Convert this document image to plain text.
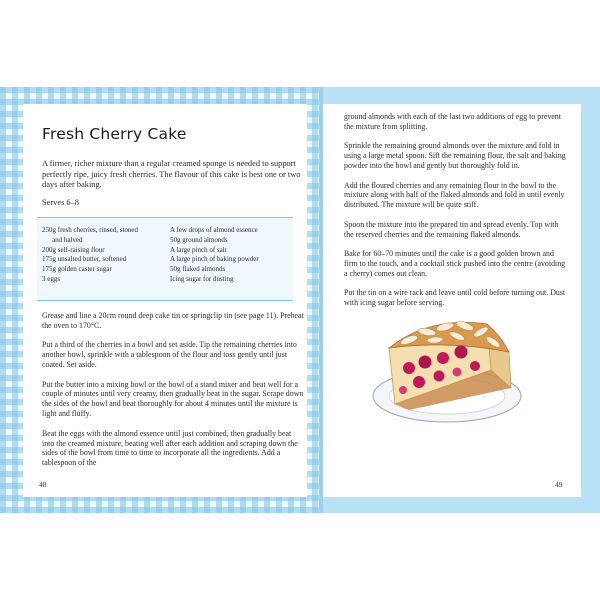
Fresh Cherry Cake

A firmer, richer mixture than a regular creamed sponge is needed to support perfectly ripe, juicy fresh cherries. The flavour of this cake is best one or two days after baking.

Serves 6–8

250g fresh cherries, rinsed, stoned
and halved
200g self-raising flour
175g unsalted butter, softened
175g golden caster sugar
3 eggs
A few drops of almond essence
50g ground almonds
A large pinch of salt
A large pinch of baking powder
50g flaked almonds
Icing sugar for dusting

Grease and line a 20cm round deep cake tin or springclip tin (see page 11). Preheat the oven to 170°C.

Put a third of the cherries in a bowl and set aside. Tip the remaining cherries into another bowl, sprinkle with a tablespoon of the flour and toss gently until just coated. Set aside.

Put the butter into a mixing bowl or the bowl of a stand mixer and beat well for a couple of minutes until very creamy, then gradually beat in the sugar. Scrape down the sides of the bowl and beat thoroughly for about 4 minutes until the mixture is light and fluffy.

Beat the eggs with the almond essence until just combined, then gradually beat into the creamed mixture, beating well after each addition and scraping down the sides of the bowl from time to time to incorporate all the ingredients. Add a tablespoon of the

48

ground almonds with each of the last two additions of egg to prevent the mixture from splitting.

Sprinkle the remaining ground almonds over the mixture and fold in using a large metal spoon. Sift the remaining flour, the salt and baking powder into the bowl and gently but thoroughly fold in.

Add the floured cherries and any remaining flour in the bowl to the mixture along with half of the flaked almonds and fold in until evenly distributed. The mixture will be quite stiff.

Spoon the mixture into the prepared tin and spread evenly. Top with the reserved cherries and the remaining flaked almonds.

Bake for 60–70 minutes until the cake is a good golden brown and firm to the touch, and a cocktail stick pushed into the centre (avoiding a cherry) comes out clean.

Put the tin on a wire rack and leave until cold before turning out. Dust with icing sugar before serving.

49
